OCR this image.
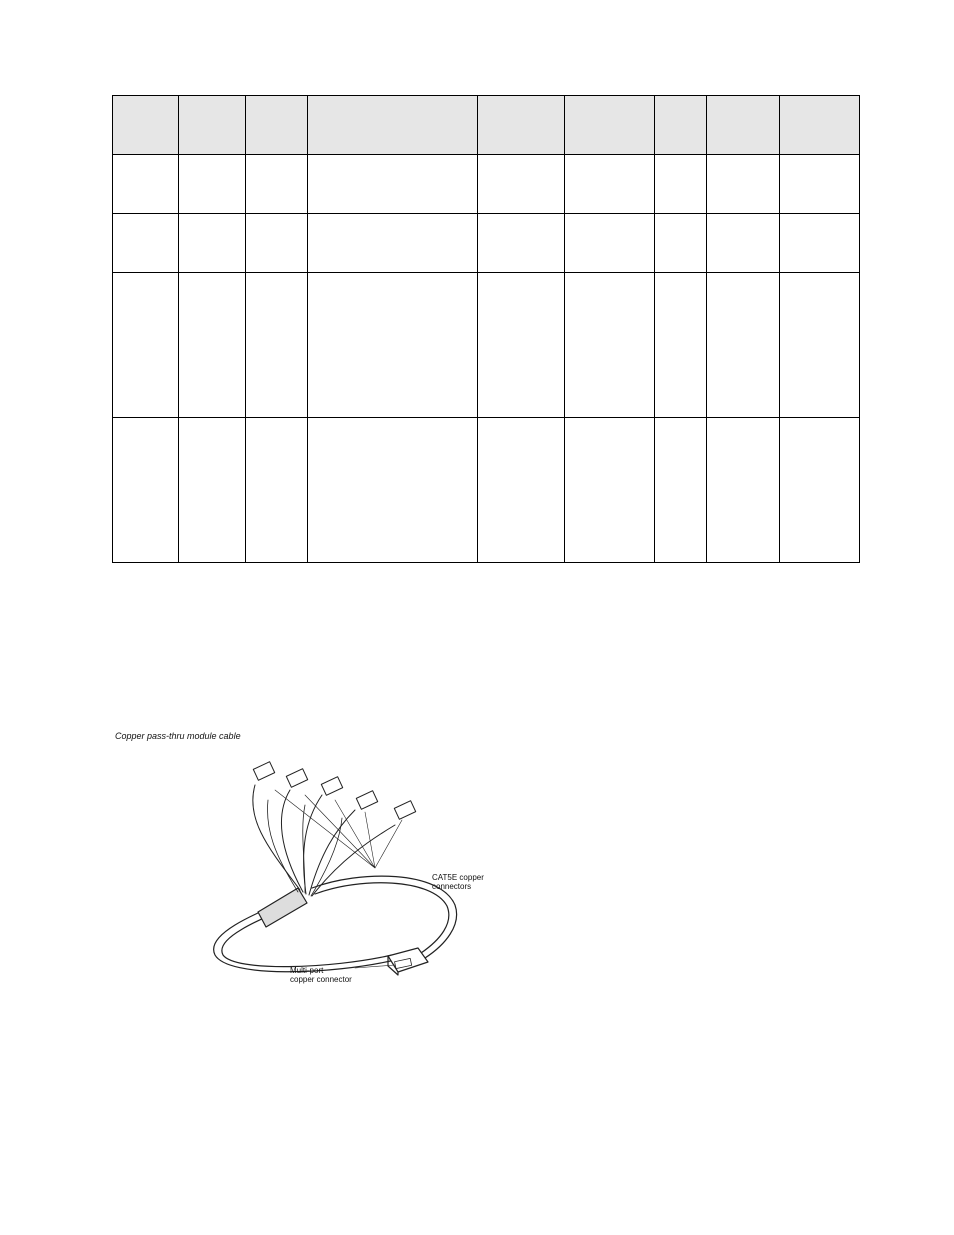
Copper pass-thru module cable
CAT5E copper
connectors
Multi-port
copper connector
